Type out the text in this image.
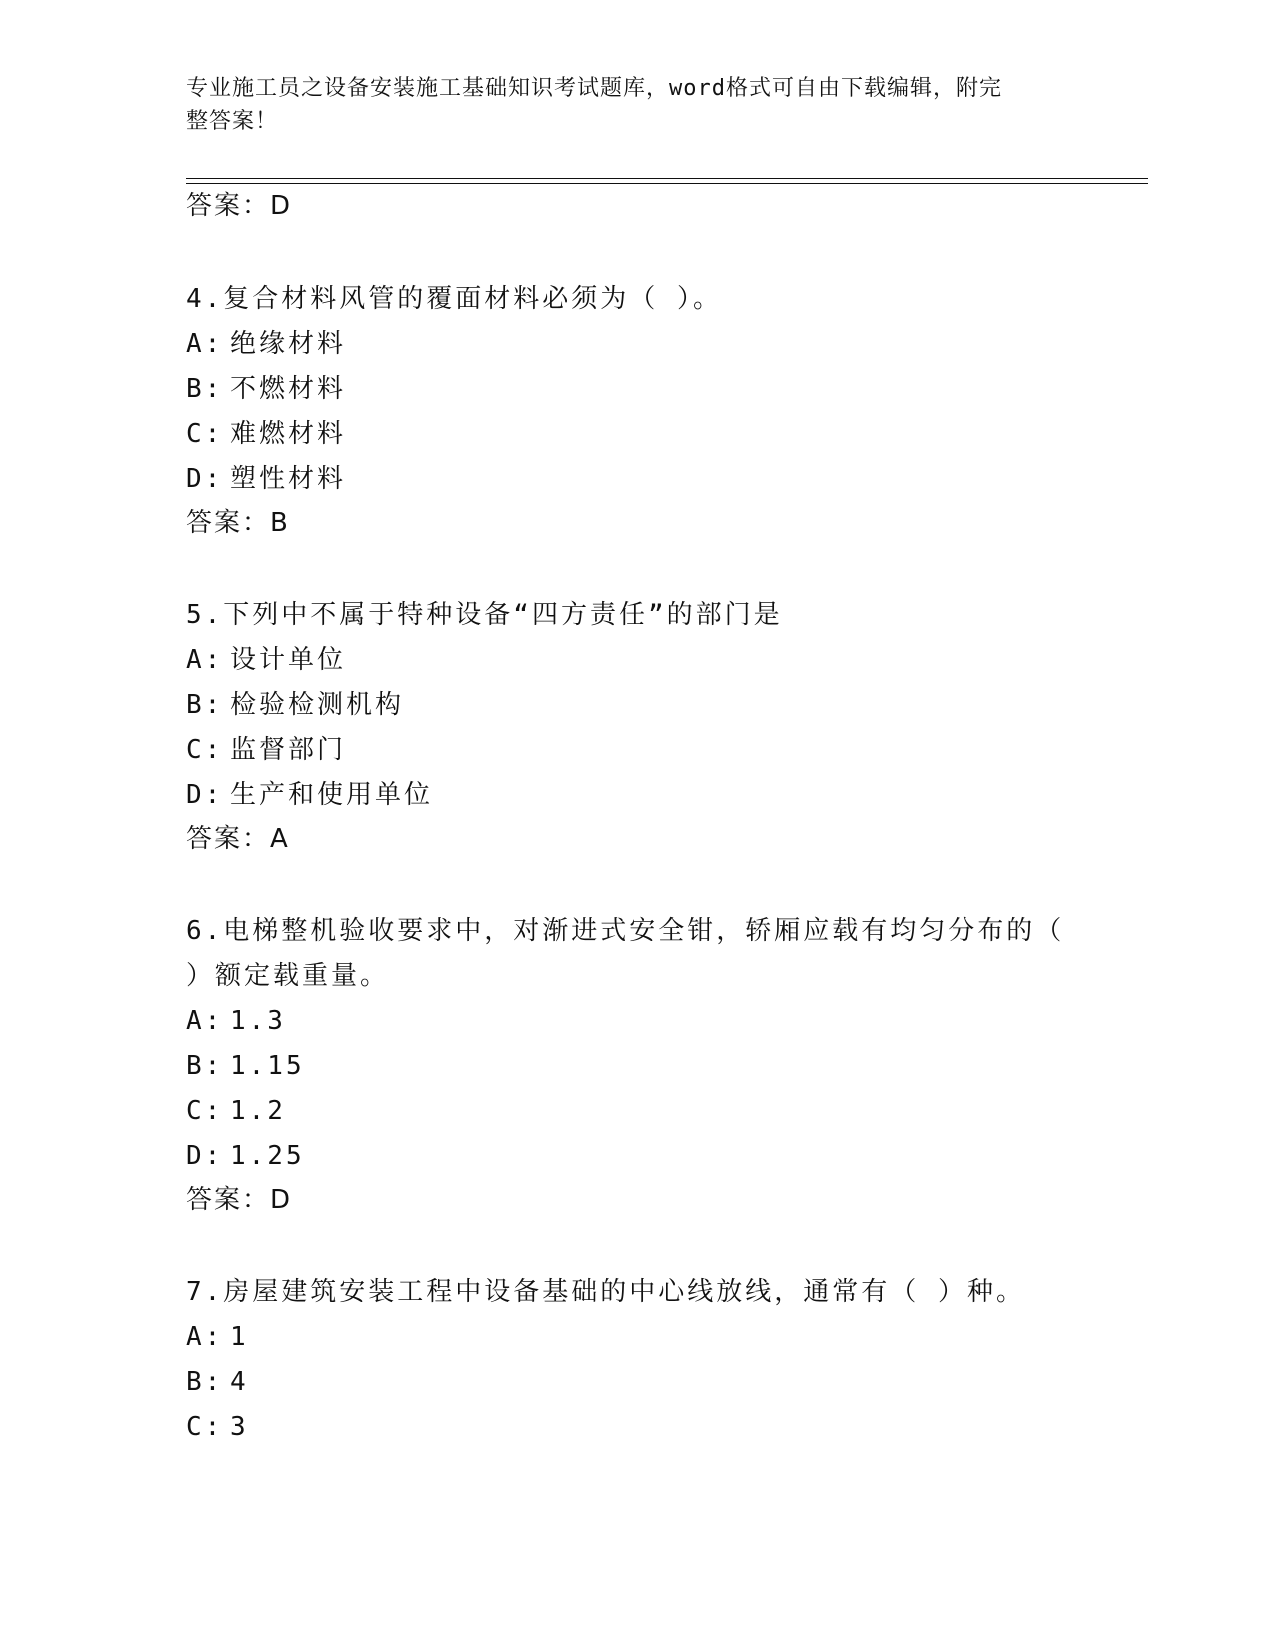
专业施工员之设备安装施工基础知识考试题库，word格式可自由下载编辑，附完
整答案！
答案：D
4.复合材料风管的覆面材料必须为（ ）。
A: 绝缘材料
B: 不燃材料
C: 难燃材料
D: 塑性材料
答案：B
5.下列中不属于特种设备“四方责任”的部门是
A: 设计单位
B: 检验检测机构
C: 监督部门
D: 生产和使用单位
答案：A
6.电梯整机验收要求中，对渐进式安全钳，轿厢应载有均匀分布的（
）额定载重量。
A: 1.3
B: 1.15
C: 1.2
D: 1.25
答案：D
7.房屋建筑安装工程中设备基础的中心线放线，通常有（ ）种。
A: 1
B: 4
C: 3
